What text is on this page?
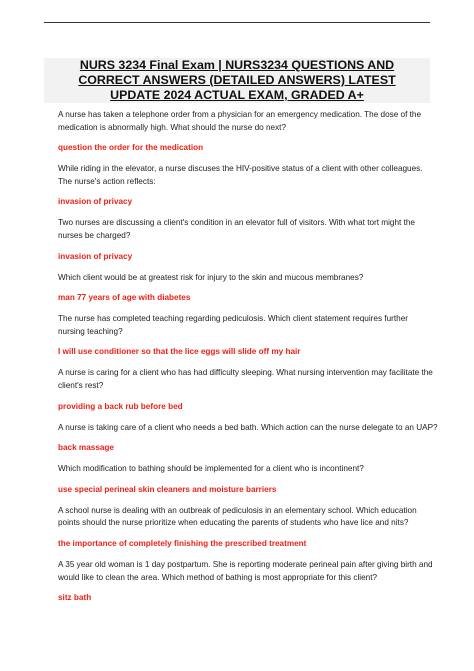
NURS 3234 Final Exam | NURS3234 QUESTIONS AND
CORRECT ANSWERS (DETAILED ANSWERS) LATEST
UPDATE 2024 ACTUAL EXAM, GRADED A+
A nurse has taken a telephone order from a physician for an emergency medication. The dose of the
medication is abnormally high. What should the nurse do next?
question the order for the medication
While riding in the elevator, a nurse discuses the HIV-positive status of a client with other colleagues.
The nurse's action reflects:
invasion of privacy
Two nurses are discussing a client's condition in an elevator full of visitors. With what tort might the
nurses be charged?
invasion of privacy
Which client would be at greatest risk for injury to the skin and mucous membranes?
man 77 years of age with diabetes
The nurse has completed teaching regarding pediculosis. Which client statement requires further
nursing teaching?
I will use conditioner so that the lice eggs will slide off my hair
A nurse is caring for a client who has had difficulty sleeping. What nursing intervention may facilitate the
client's rest?
providing a back rub before bed
A nurse is taking care of a client who needs a bed bath. Which action can the nurse delegate to an UAP?
back massage
Which modification to bathing should be implemented for a client who is incontinent?
use special perineal skin cleaners and moisture barriers
A school nurse is dealing with an outbreak of pediculosis in an elementary school. Which education
points should the nurse prioritize when educating the parents of students who have lice and nits?
the importance of completely finishing the prescribed treatment
A 35 year old woman is 1 day postpartum. She is reporting moderate perineal pain after giving birth and
would like to clean the area. Which method of bathing is most appropriate for this client?
sitz bath
